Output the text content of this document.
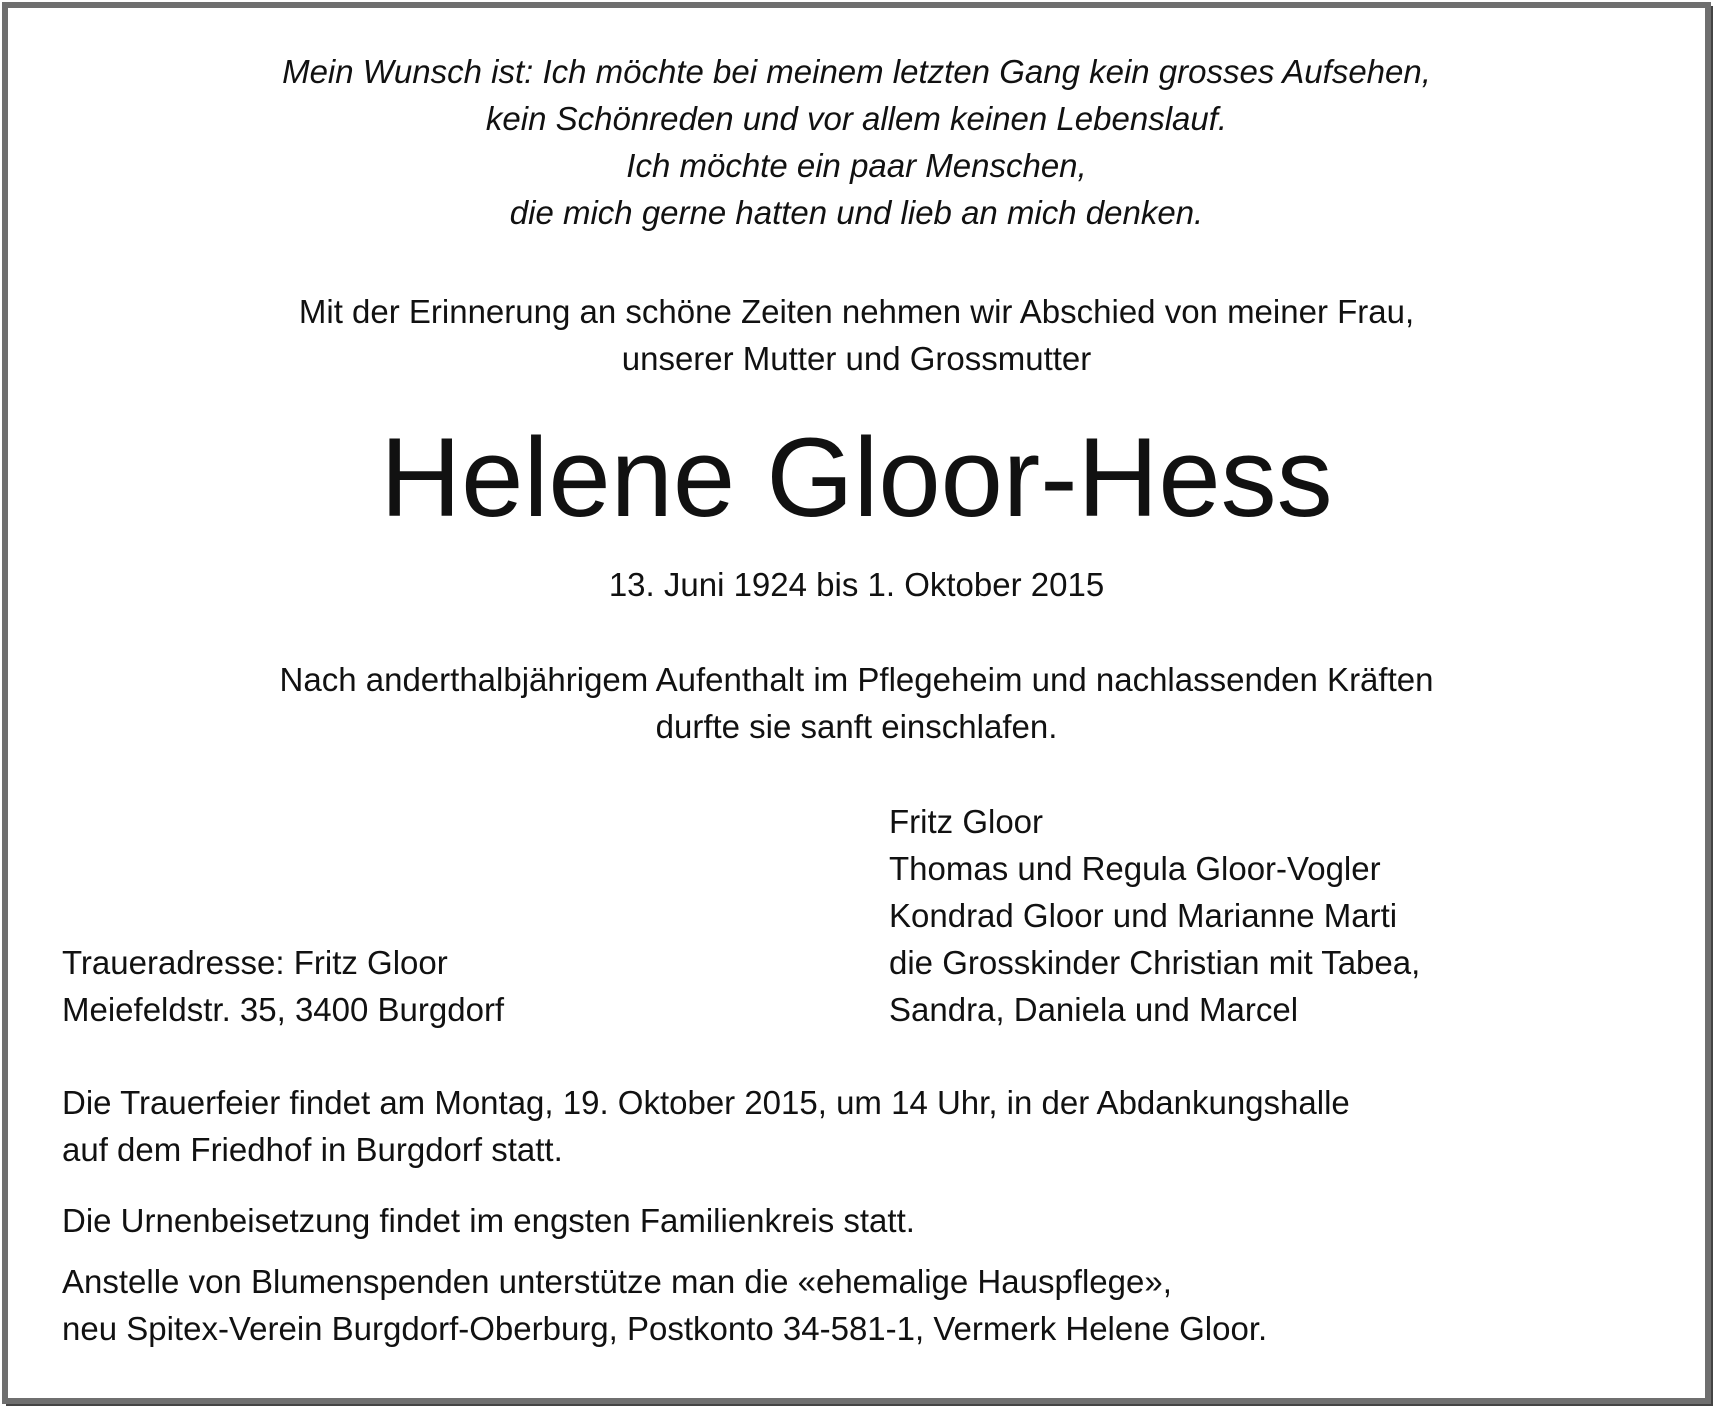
Mein Wunsch ist: Ich möchte bei meinem letzten Gang kein grosses Aufsehen,
kein Schönreden und vor allem keinen Lebenslauf.
Ich möchte ein paar Menschen,
die mich gerne hatten und lieb an mich denken.
Mit der Erinnerung an schöne Zeiten nehmen wir Abschied von meiner Frau,
unserer Mutter und Grossmutter
Helene Gloor-Hess
13. Juni 1924 bis 1. Oktober 2015
Nach anderthalbjährigem Aufenthalt im Pflegeheim und nachlassenden Kräften
durfte sie sanft einschlafen.
Fritz Gloor
Thomas und Regula Gloor-Vogler
Kondrad Gloor und Marianne Marti
die Grosskinder Christian mit Tabea,
Sandra, Daniela und Marcel
Traueradresse: Fritz Gloor
Meiefeldstr. 35, 3400 Burgdorf
Die Trauerfeier findet am Montag, 19. Oktober 2015, um 14 Uhr, in der Abdankungshalle
auf dem Friedhof in Burgdorf statt.
Die Urnenbeisetzung findet im engsten Familienkreis statt.
Anstelle von Blumenspenden unterstütze man die «ehemalige Hauspflege»,
neu Spitex-Verein Burgdorf-Oberburg, Postkonto 34-581-1, Vermerk Helene Gloor.
